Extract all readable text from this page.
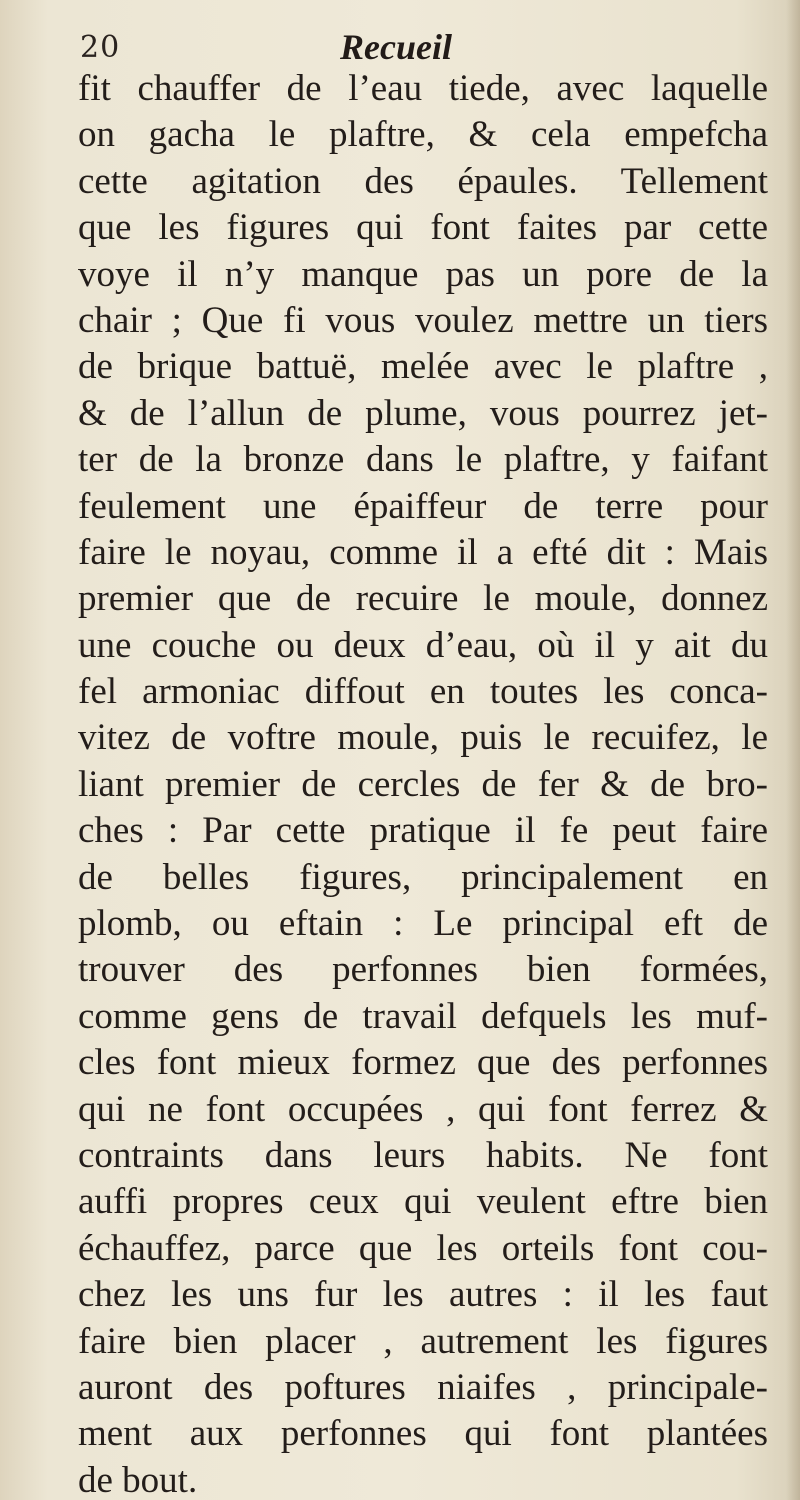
20	Recueil
fit chauffer de l’eau tiede, avec laquelle
on gacha le plaftre, & cela empefcha
cette agitation des épaules. Tellement
que les figures qui font faites par cette
voye il n’y manque pas un pore de la
chair ; Que fi vous voulez mettre un tiers
de brique battuë, melée avec le plaftre ,
& de l’allun de plume, vous pourrez jet-
ter de la bronze dans le plaftre, y faifant
feulement une épaiffeur de terre pour
faire le noyau, comme il a efté dit : Mais
premier que de recuire le moule, donnez
une couche ou deux d’eau, où il y ait du
fel armoniac diffout en toutes les conca-
vitez de voftre moule, puis le recuifez, le
liant premier de cercles de fer & de bro-
ches : Par cette pratique il fe peut faire
de belles figures, principalement en
plomb, ou eftain : Le principal eft de
trouver des perfonnes bien formées,
comme gens de travail defquels les muf-
cles font mieux formez que des perfonnes
qui ne font occupées , qui font ferrez &
contraints dans leurs habits. Ne font
auffi propres ceux qui veulent eftre bien
échauffez, parce que les orteils font cou-
chez les uns fur les autres : il les faut
faire bien placer , autrement les figures
auront des poftures niaifes , principale-
ment aux perfonnes qui font plantées
de bout.
